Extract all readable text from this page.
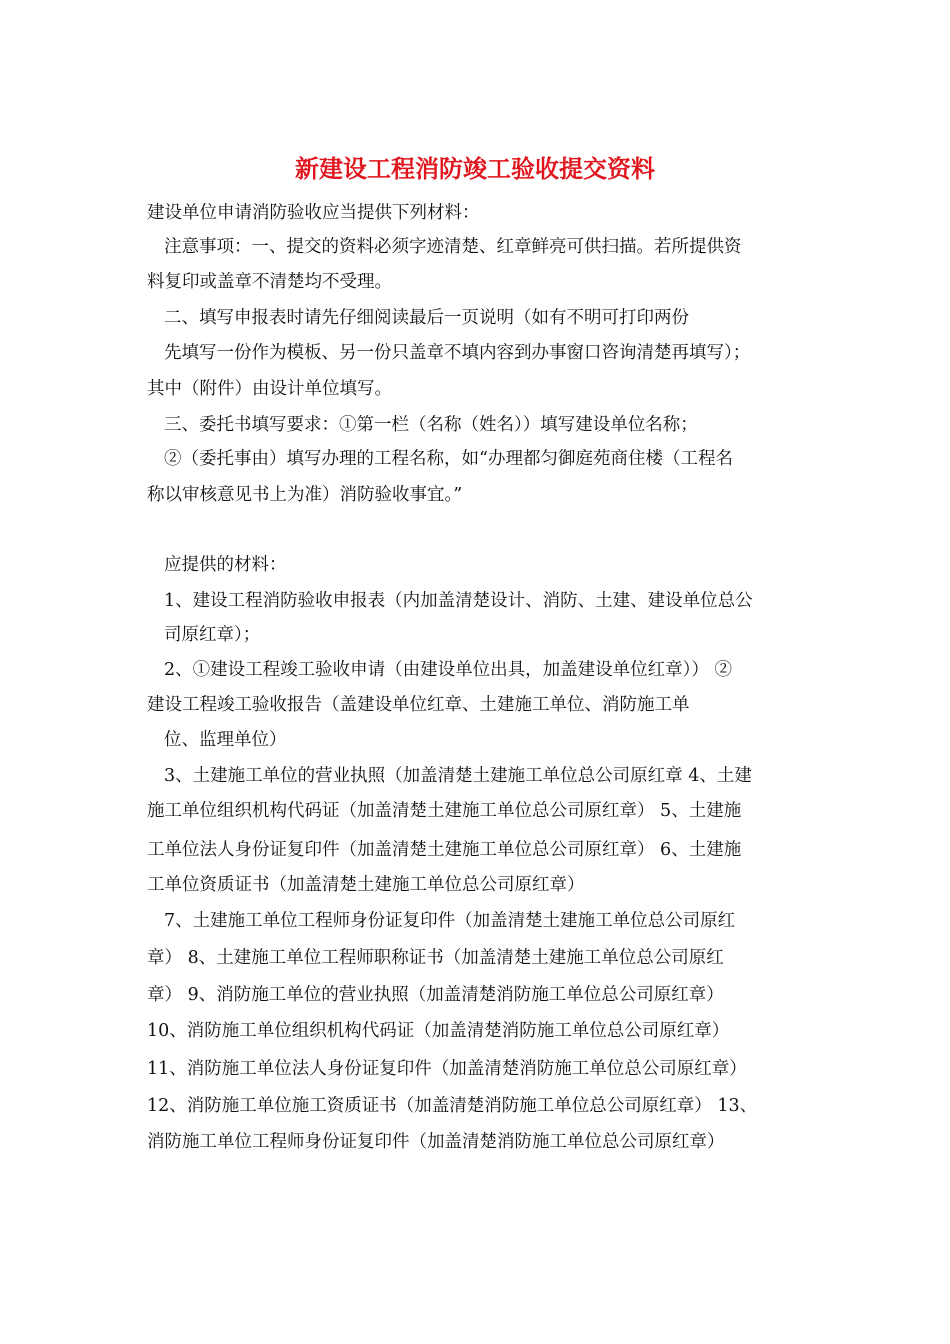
新建设工程消防竣工验收提交资料
建设单位申请消防验收应当提供下列材料：
注意事项：一、提交的资料必须字迹清楚、红章鲜亮可供扫描。若所提供资
料复印或盖章不清楚均不受理。
二、填写申报表时请先仔细阅读最后一页说明（如有不明可打印两份
先填写一份作为模板、另一份只盖章不填内容到办事窗口咨询清楚再填写）；
其中（附件）由设计单位填写。
三、委托书填写要求：①第一栏（名称（姓名））填写建设单位名称；
②（委托事由）填写办理的工程名称，如“办理都匀御庭苑商住楼（工程名
称以审核意见书上为准）消防验收事宜。”
应提供的材料：
1、建设工程消防验收申报表（内加盖清楚设计、消防、土建、建设单位总公
司原红章）；
2、①建设工程竣工验收申请（由建设单位出具，加盖建设单位红章）） ②
建设工程竣工验收报告（盖建设单位红章、土建施工单位、消防施工单
位、监理单位）
3、土建施工单位的营业执照（加盖清楚土建施工单位总公司原红章 4、土建
施工单位组织机构代码证（加盖清楚土建施工单位总公司原红章） 5、土建施
工单位法人身份证复印件（加盖清楚土建施工单位总公司原红章） 6、土建施
工单位资质证书（加盖清楚土建施工单位总公司原红章）
7、土建施工单位工程师身份证复印件（加盖清楚土建施工单位总公司原红
章） 8、土建施工单位工程师职称证书（加盖清楚土建施工单位总公司原红
章） 9、消防施工单位的营业执照（加盖清楚消防施工单位总公司原红章）
10、消防施工单位组织机构代码证（加盖清楚消防施工单位总公司原红章）
11、消防施工单位法人身份证复印件（加盖清楚消防施工单位总公司原红章）
12、消防施工单位施工资质证书（加盖清楚消防施工单位总公司原红章） 13、
消防施工单位工程师身份证复印件（加盖清楚消防施工单位总公司原红章）
